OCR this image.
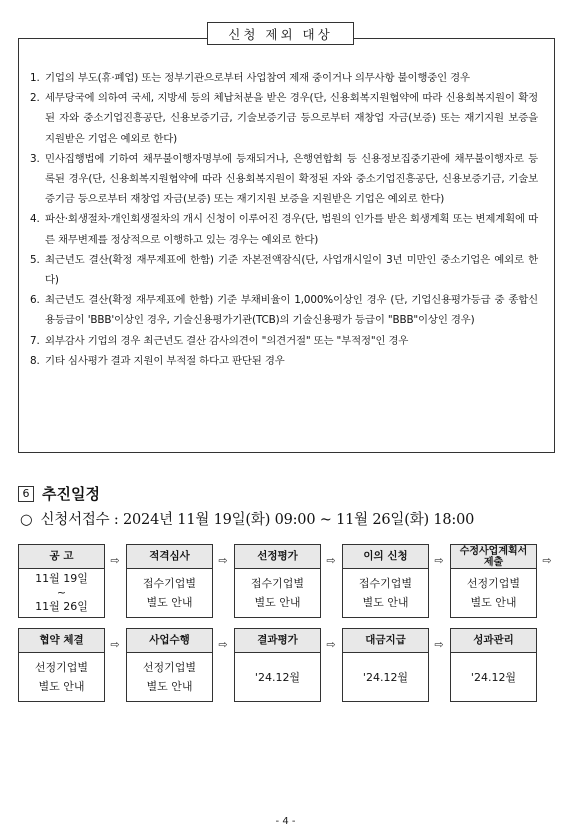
신청 제외 대상
1. 기업의 부도(휴·폐업) 또는 정부기관으로부터 사업참여 제재 중이거나 의무사항 불이행중인 경우
2. 세무당국에 의하여 국세, 지방세 등의 체납처분을 받은 경우(단, 신용회복지원협약에 따라 신용회복지원이 확정된 자와 중소기업진흥공단, 신용보증기금, 기술보증기금 등으로부터 재창업 자금(보증) 또는 재기지원 보증을 지원받은 기업은 예외로 한다)
3. 민사집행법에 기하여 채무불이행자명부에 등재되거나, 은행연합회 등 신용정보집중기관에 채무불이행자로 등록된 경우(단, 신용회복지원협약에 따라 신용회복지원이 확정된 자와 중소기업진흥공단, 신용보증기금, 기술보증기금 등으로부터 재창업 자금(보증) 또는 재기지원 보증을 지원받은 기업은 예외로 한다)
4. 파산·회생절차·개인회생절차의 개시 신청이 이루어진 경우(단, 법원의 인가를 받은 회생계획 또는 변제계획에 따른 채무변제를 정상적으로 이행하고 있는 경우는 예외로 한다)
5. 최근년도 결산(확정 재무제표에 한함) 기준 자본전액잠식(단, 사업개시일이 3년 미만인 중소기업은 예외로 한다)
6. 최근년도 결산(확정 재무제표에 한함) 기준 부채비율이 1,000%이상인 경우 (단, 기업신용평가등급 중 종합신용등급이 'BBB'이상인 경우, 기술신용평가기관(TCB)의 기술신용평가 등급이 "BBB"이상인 경우)
7. 외부감사 기업의 경우 최근년도 결산 감사의견이 "의견거절" 또는 "부적정"인 경우
8. 기타 심사평가 결과 지원이 부적절 하다고 판단된 경우
6 추진일정
○ 신청서접수 : 2024년 11월 19일(화) 09:00 ~ 11월 26일(화) 18:00
공 고
11월 19일
~
11월 26일
⇨	적격심사
접수기업별
별도 안내
⇨	선정평가
접수기업별
별도 안내
⇨	이의 신청
접수기업별
별도 안내
⇨
수정사업계획서 제출
선정기업별
별도 안내
⇨
협약 체결
선정기업별
별도 안내
⇨	사업수행
선정기업별
별도 안내
⇨	결과평가
'24.12월
⇨	대금지급
'24.12월
⇨	성과관리
'24.12월
- 4 -
